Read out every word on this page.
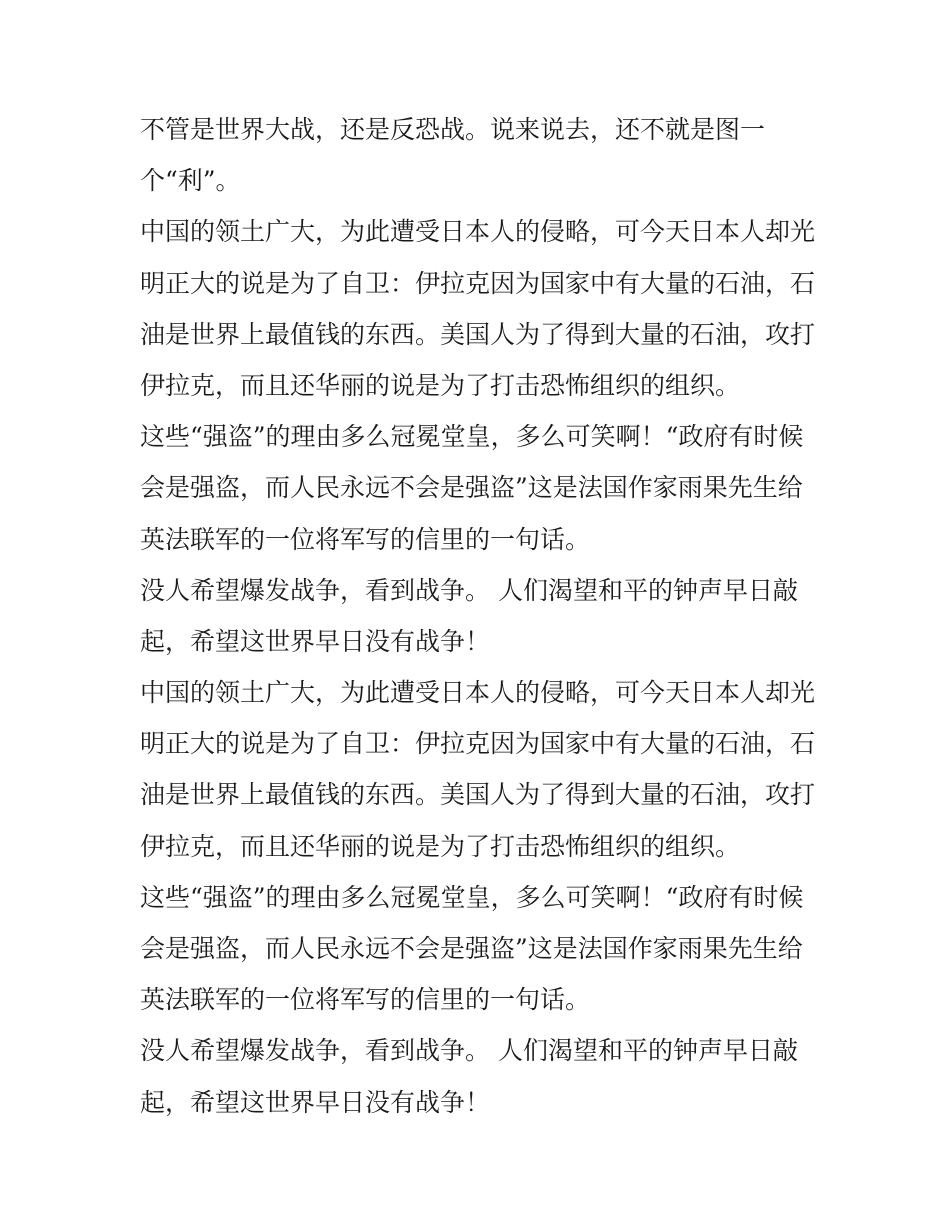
不管是世界大战，还是反恐战。说来说去，还不就是图一
个“利”。
中国的领土广大，为此遭受日本人的侵略，可今天日本人却光
明正大的说是为了自卫：伊拉克因为国家中有大量的石油，石
油是世界上最值钱的东西。美国人为了得到大量的石油，攻打
伊拉克，而且还华丽的说是为了打击恐怖组织的组织。
这些“强盗”的理由多么冠冕堂皇，多么可笑啊！“政府有时候
会是强盗，而人民永远不会是强盗”这是法国作家雨果先生给
英法联军的一位将军写的信里的一句话。
没人希望爆发战争，看到战争。 人们渴望和平的钟声早日敲
起，希望这世界早日没有战争！
中国的领土广大，为此遭受日本人的侵略，可今天日本人却光
明正大的说是为了自卫：伊拉克因为国家中有大量的石油，石
油是世界上最值钱的东西。美国人为了得到大量的石油，攻打
伊拉克，而且还华丽的说是为了打击恐怖组织的组织。
这些“强盗”的理由多么冠冕堂皇，多么可笑啊！“政府有时候
会是强盗，而人民永远不会是强盗”这是法国作家雨果先生给
英法联军的一位将军写的信里的一句话。
没人希望爆发战争，看到战争。 人们渴望和平的钟声早日敲
起，希望这世界早日没有战争！
